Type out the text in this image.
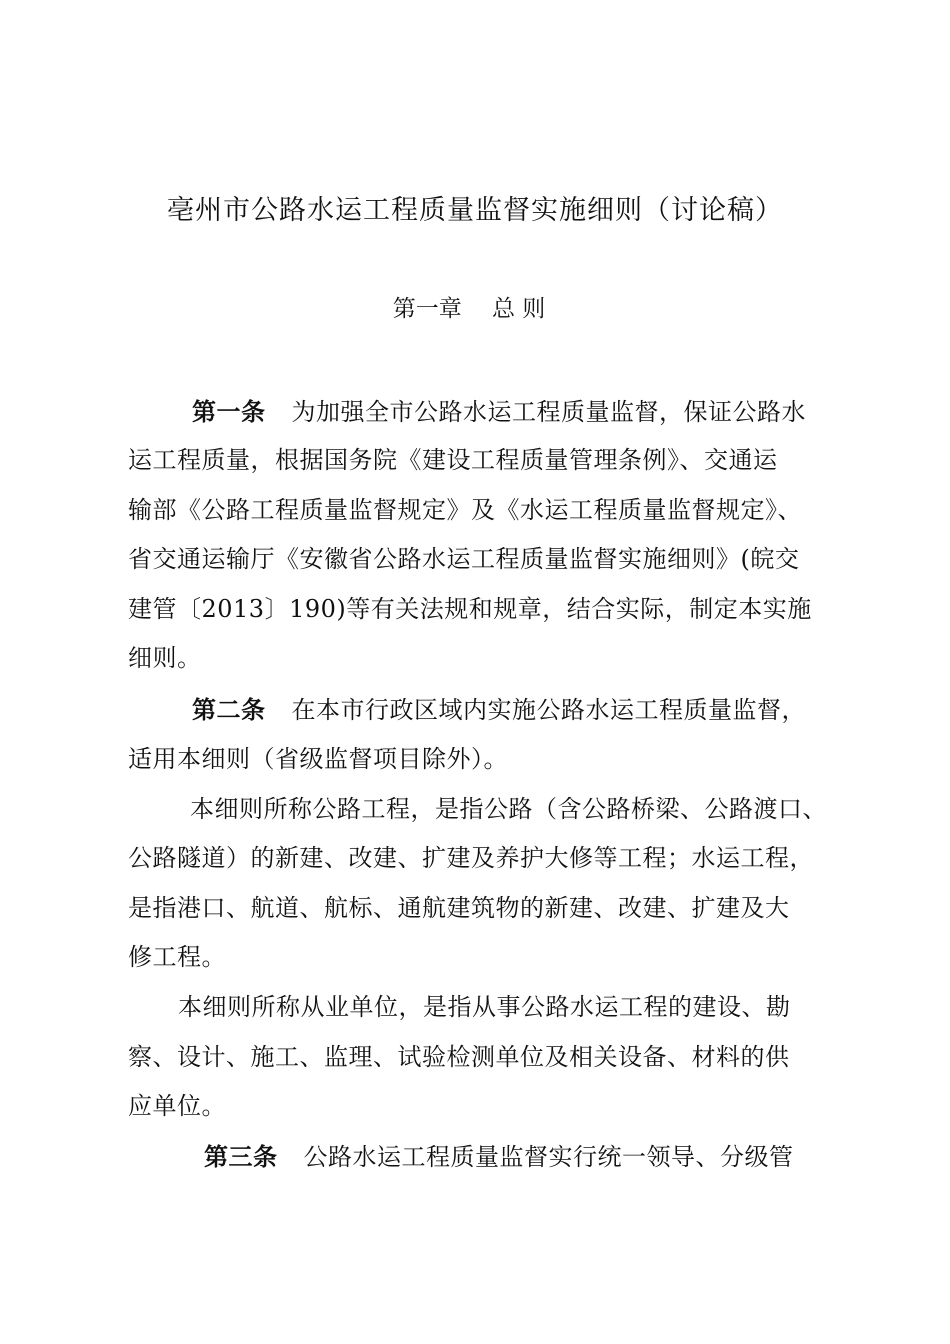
亳州市公路水运工程质量监督实施细则（讨论稿）
第一章　 总 则
第一条 为加强全市公路水运工程质量监督，保证公路水
运工程质量，根据国务院《建设工程质量管理条例》、交通运
输部《公路工程质量监督规定》及《水运工程质量监督规定》、
省交通运输厅《安徽省公路水运工程质量监督实施细则》(皖交
建管〔2013〕190)等有关法规和规章，结合实际，制定本实施
细则。
第二条 在本市行政区域内实施公路水运工程质量监督，
适用本细则（省级监督项目除外）。
本细则所称公路工程，是指公路（含公路桥梁、公路渡口、
公路隧道）的新建、改建、扩建及养护大修等工程；水运工程，
是指港口、航道、航标、通航建筑物的新建、改建、扩建及大
修工程。
本细则所称从业单位，是指从事公路水运工程的建设、勘
察、设计、施工、监理、试验检测单位及相关设备、材料的供
应单位。
第三条 公路水运工程质量监督实行统一领导、分级管
